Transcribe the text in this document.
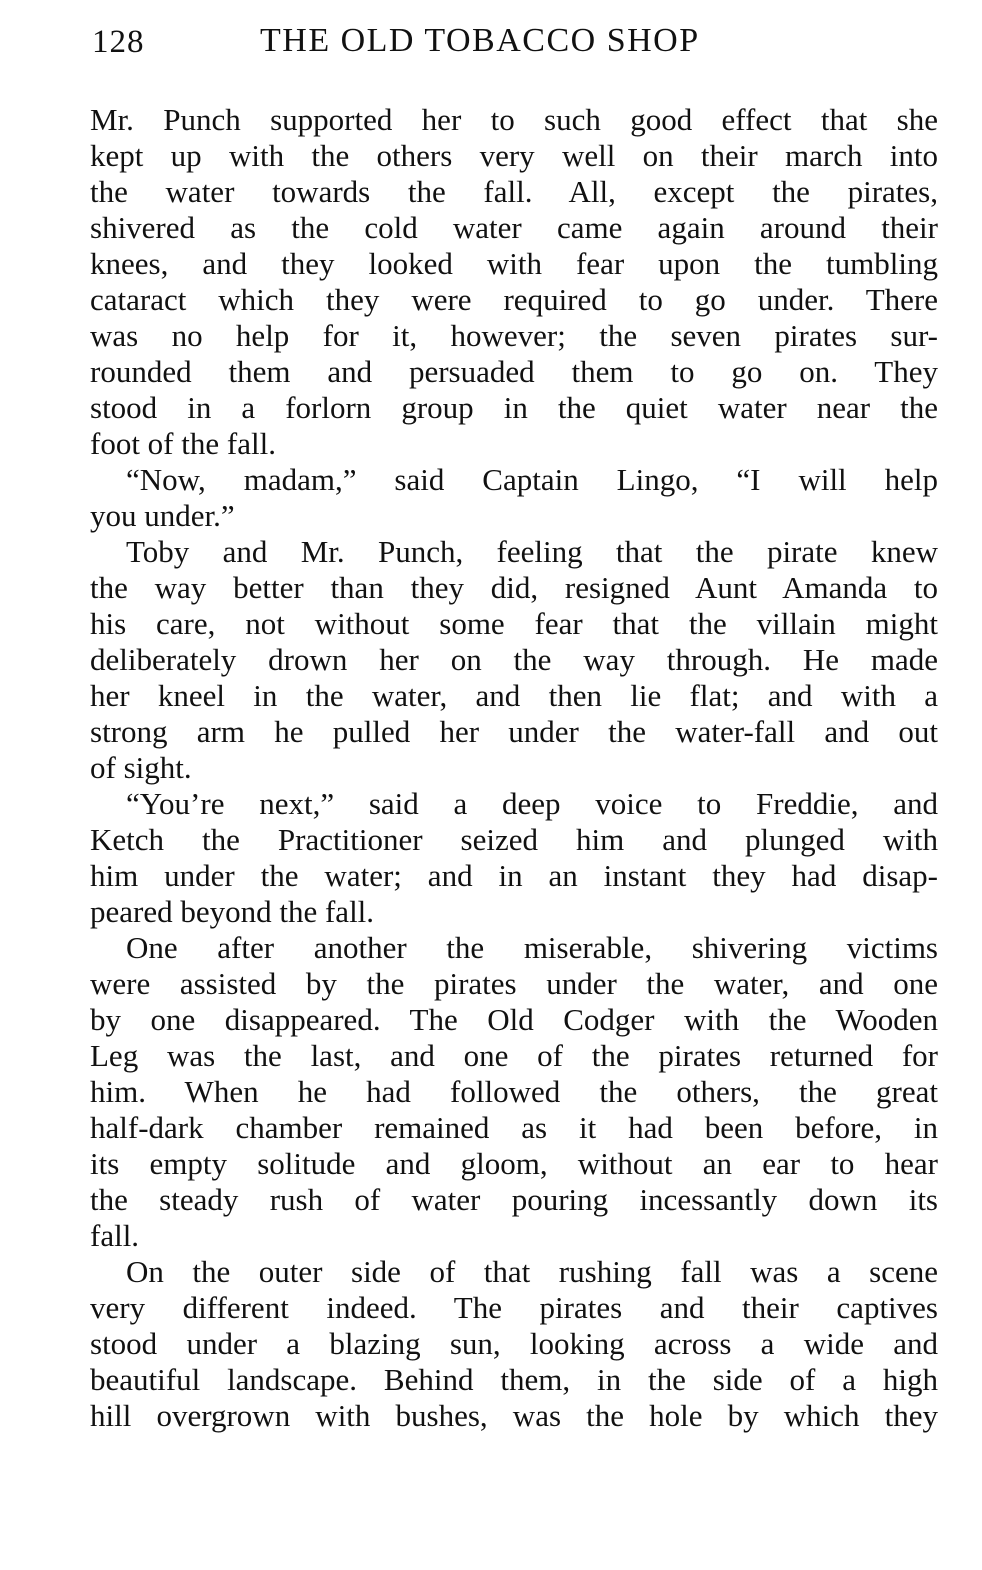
128	THE OLD TOBACCO SHOP
Mr. Punch supported her to such good effect that she
kept up with the others very well on their march into
the water towards the fall. All, except the pirates,
shivered as the cold water came again around their
knees, and they looked with fear upon the tumbling
cataract which they were required to go under. There
was no help for it, however; the seven pirates sur-
rounded them and persuaded them to go on. They
stood in a forlorn group in the quiet water near the
foot of the fall.
“Now, madam,” said Captain Lingo, “I will help
you under.”
Toby and Mr. Punch, feeling that the pirate knew
the way better than they did, resigned Aunt Amanda to
his care, not without some fear that the villain might
deliberately drown her on the way through. He made
her kneel in the water, and then lie flat; and with a
strong arm he pulled her under the water-fall and out
of sight.
“You’re next,” said a deep voice to Freddie, and
Ketch the Practitioner seized him and plunged with
him under the water; and in an instant they had disap-
peared beyond the fall.
One after another the miserable, shivering victims
were assisted by the pirates under the water, and one
by one disappeared. The Old Codger with the Wooden
Leg was the last, and one of the pirates returned for
him. When he had followed the others, the great
half-dark chamber remained as it had been before, in
its empty solitude and gloom, without an ear to hear
the steady rush of water pouring incessantly down its
fall.
On the outer side of that rushing fall was a scene
very different indeed. The pirates and their captives
stood under a blazing sun, looking across a wide and
beautiful landscape. Behind them, in the side of a high
hill overgrown with bushes, was the hole by which they
